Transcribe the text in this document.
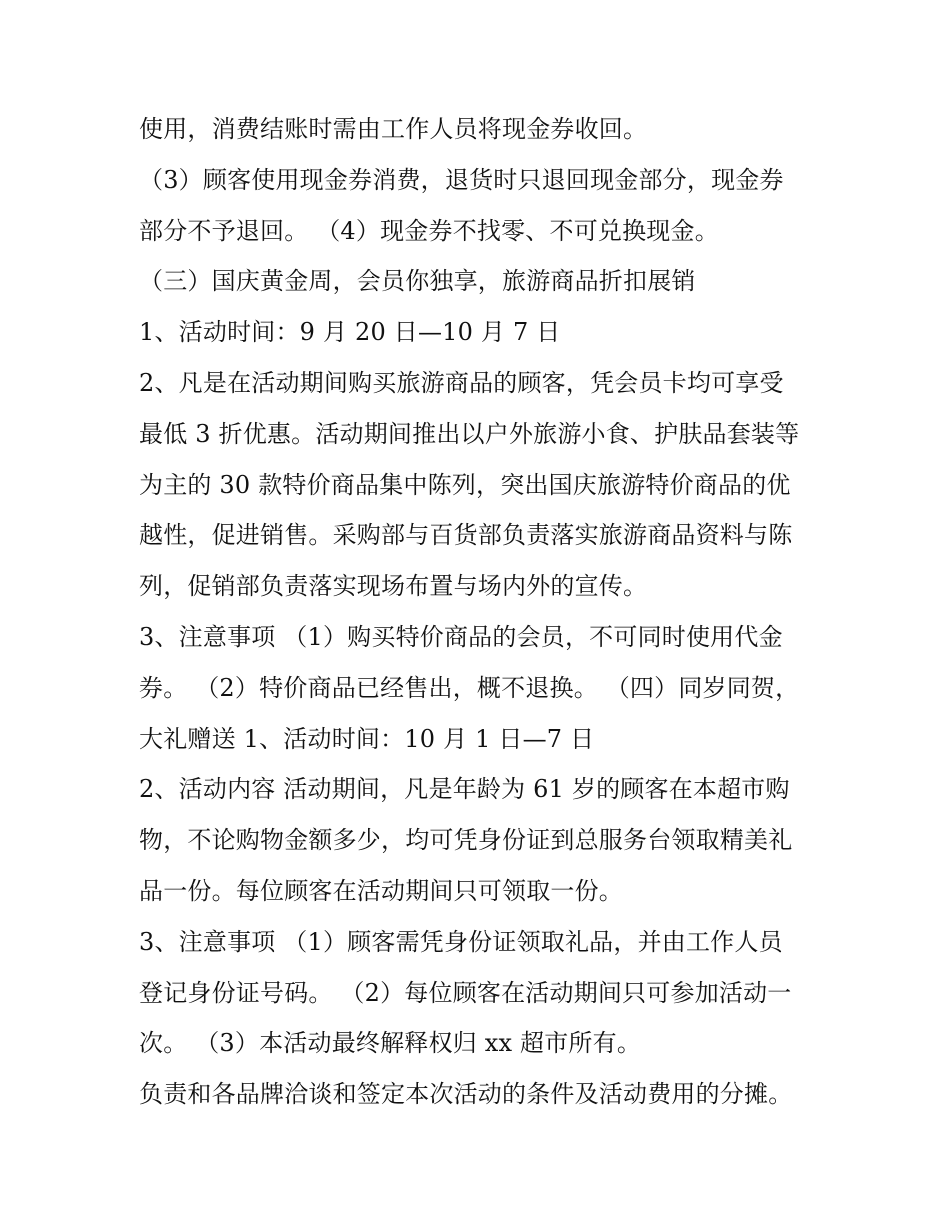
使用，消费结账时需由工作人员将现金券收回。
（3）顾客使用现金券消费，退货时只退回现金部分，现金券
部分不予退回。 （4）现金券不找零、不可兑换现金。
（三）国庆黄金周，会员你独享，旅游商品折扣展销
1、活动时间：9 月 20 日—10 月 7 日
2、凡是在活动期间购买旅游商品的顾客，凭会员卡均可享受
最低 3 折优惠。活动期间推出以户外旅游小食、护肤品套装等
为主的 30 款特价商品集中陈列，突出国庆旅游特价商品的优
越性，促进销售。采购部与百货部负责落实旅游商品资料与陈
列，促销部负责落实现场布置与场内外的宣传。
3、注意事项 （1）购买特价商品的会员，不可同时使用代金
券。 （2）特价商品已经售出，概不退换。 （四）同岁同贺，
大礼赠送 1、活动时间：10 月 1 日—7 日
2、活动内容 活动期间，凡是年龄为 61 岁的顾客在本超市购
物，不论购物金额多少，均可凭身份证到总服务台领取精美礼
品一份。每位顾客在活动期间只可领取一份。
3、注意事项 （1）顾客需凭身份证领取礼品，并由工作人员
登记身份证号码。 （2）每位顾客在活动期间只可参加活动一
次。 （3）本活动最终解释权归 xx 超市所有。
负责和各品牌洽谈和签定本次活动的条件及活动费用的分摊。
